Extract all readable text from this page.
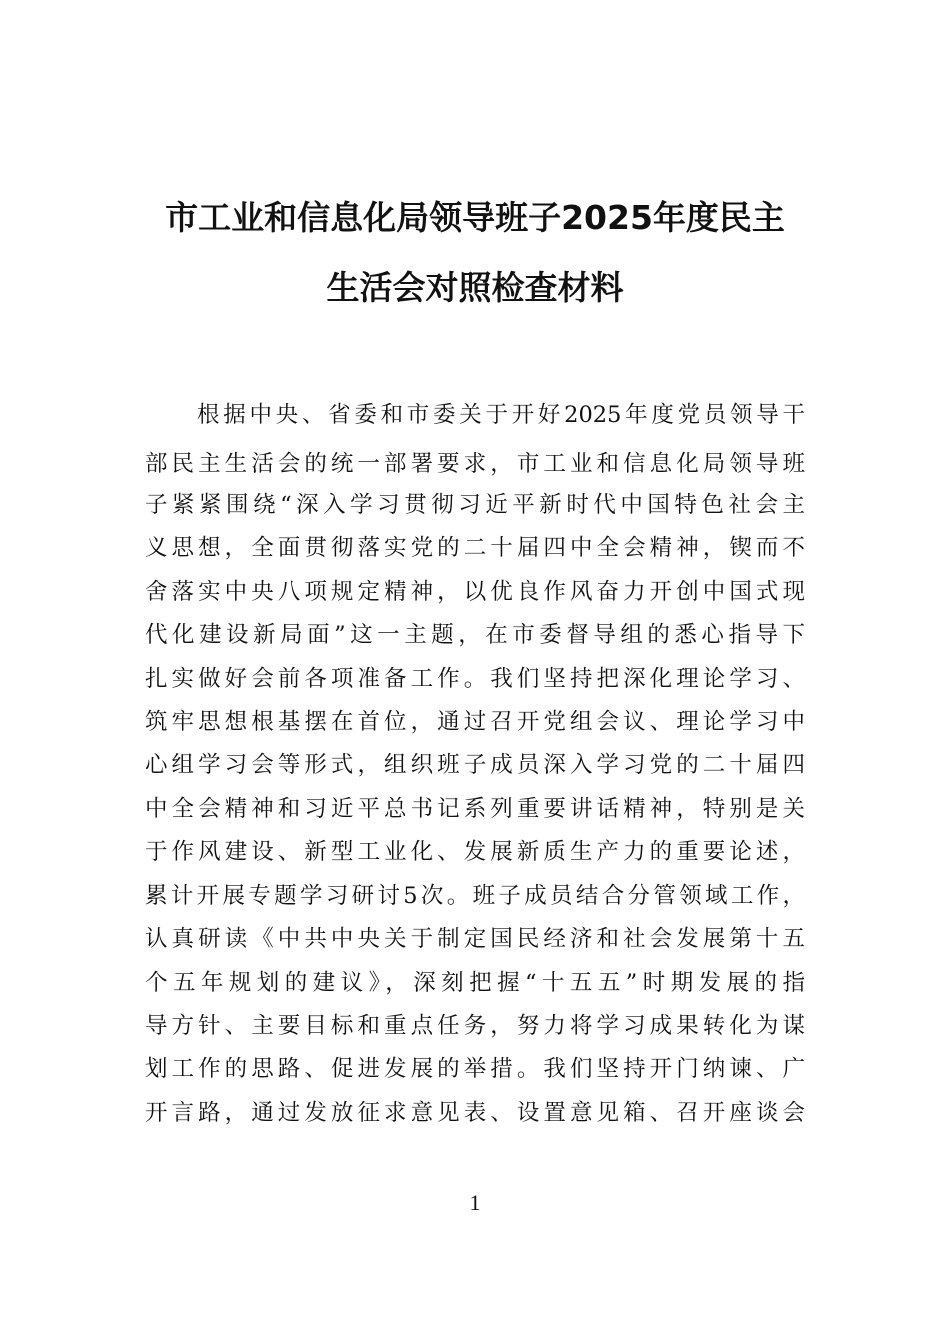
市工业和信息化局领导班子2025年度民主
生活会对照检查材料

根据中央、省委和市委关于开好2025年度党员领导干

部民主生活会的统一部署要求，市工业和信息化局领导班

子紧紧围绕“深入学习贯彻习近平新时代中国特色社会主

义思想，全面贯彻落实党的二十届四中全会精神，锲而不

舍落实中央八项规定精神，以优良作风奋力开创中国式现

代化建设新局面”这一主题，在市委督导组的悉心指导下

扎实做好会前各项准备工作。我们坚持把深化理论学习、

筑牢思想根基摆在首位，通过召开党组会议、理论学习中

心组学习会等形式，组织班子成员深入学习党的二十届四

中全会精神和习近平总书记系列重要讲话精神，特别是关

于作风建设、新型工业化、发展新质生产力的重要论述，

累计开展专题学习研讨5次。班子成员结合分管领域工作，

认真研读《中共中央关于制定国民经济和社会发展第十五

个五年规划的建议》，深刻把握“十五五”时期发展的指

导方针、主要目标和重点任务，努力将学习成果转化为谋

划工作的思路、促进发展的举措。我们坚持开门纳谏、广

开言路，通过发放征求意见表、设置意见箱、召开座谈会

1
